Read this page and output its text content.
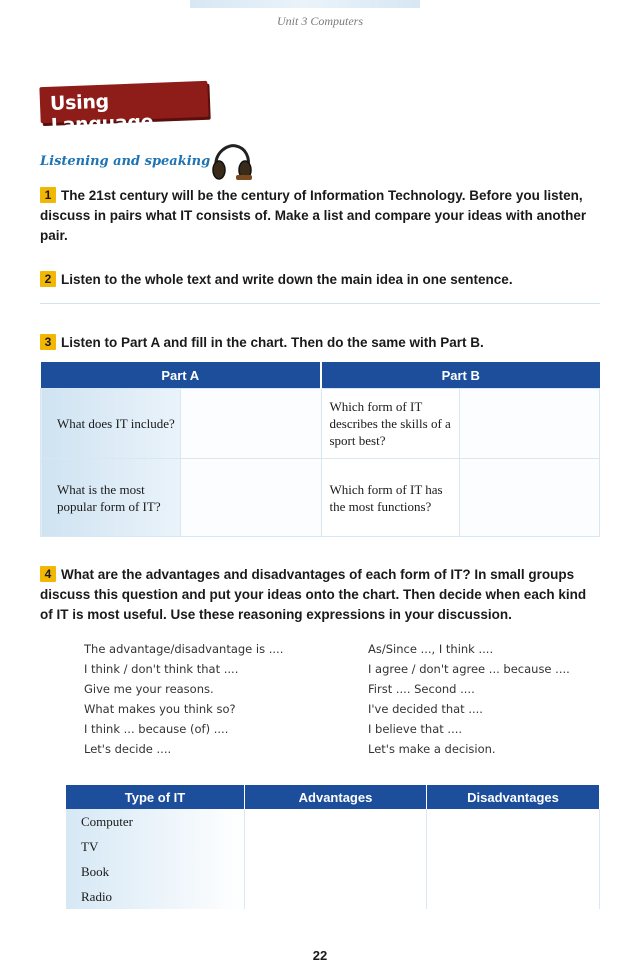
Unit 3 Computers
Using Language
Listening and speaking
1 The 21st century will be the century of Information Technology. Before you listen, discuss in pairs what IT consists of. Make a list and compare your ideas with another pair.
2 Listen to the whole text and write down the main idea in one sentence.
3 Listen to Part A and fill in the chart. Then do the same with Part B.
Part A		Part B	
What does IT include?		Which form of IT describes the skills of a sport best?	
What is the most popular form of IT?		Which form of IT has the most functions?	
4 What are the advantages and disadvantages of each form of IT? In small groups discuss this question and put your ideas onto the chart. Then decide when each kind of IT is most useful. Use these reasoning expressions in your discussion.
The advantage/disadvantage is ....
I think / don't think that ....
Give me your reasons.
What makes you think so?
I think ... because (of) ....
Let's decide ....
As/Since ..., I think ....
I agree / don't agree ... because ....
First .... Second ....
I've decided that ....
I believe that ....
Let's make a decision.
Type of IT	Advantages	Disadvantages
Computer		
TV		
Book		
Radio		
22
